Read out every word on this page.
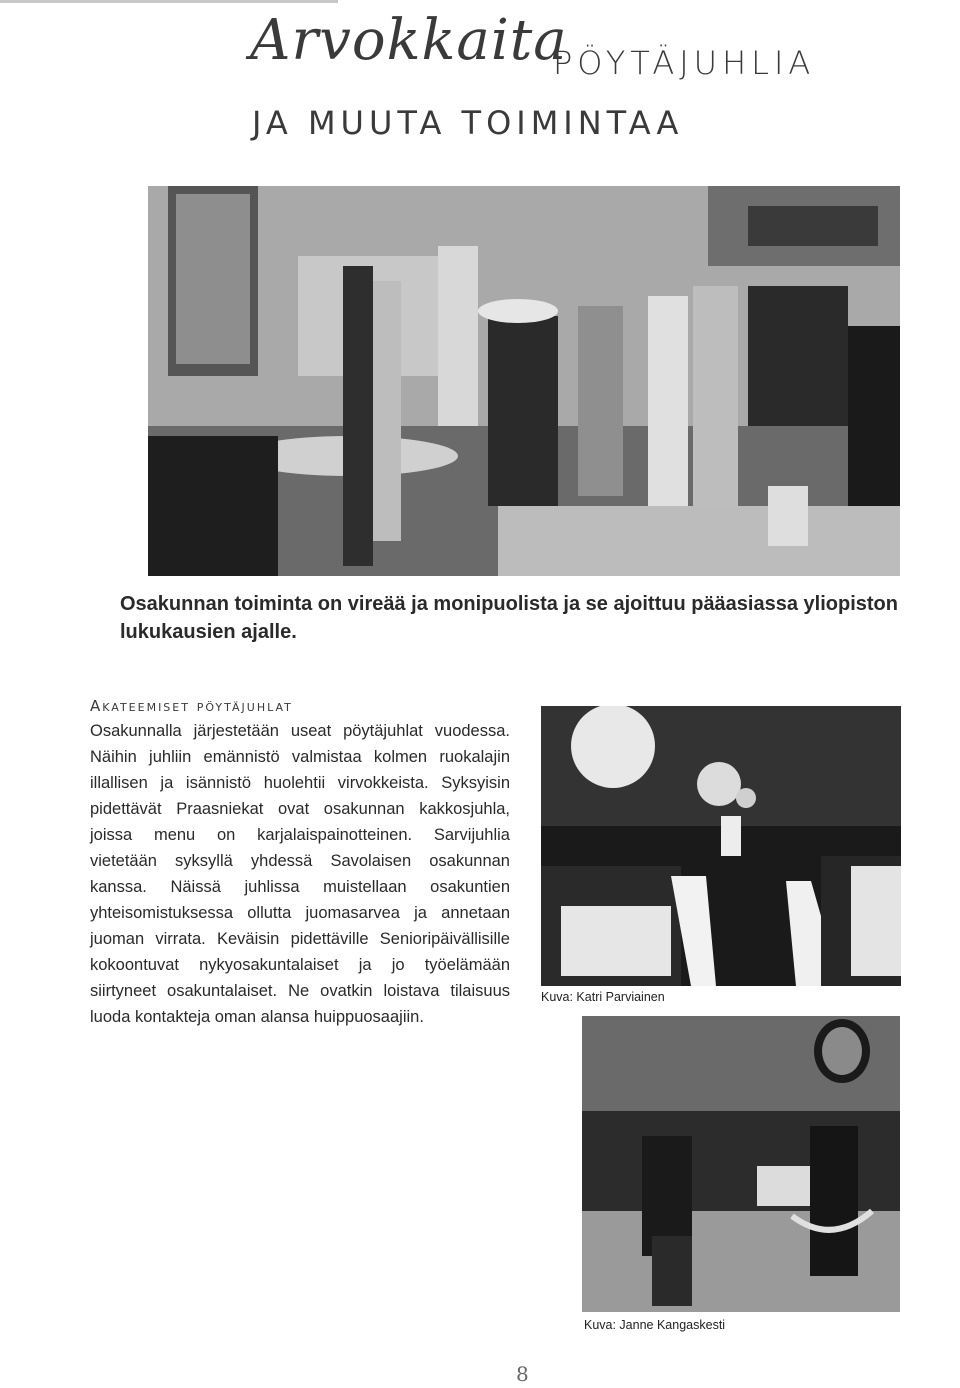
Arvokkaita
PÖYTÄJUHLIA
JA MUUTA TOIMINTAA
Osakunnan toiminta on vireää ja monipuolista ja se ajoittuu pääasiassa yliopiston lukukausien ajalle.
Akateemiset pöytäjuhlat

Osakunnalla järjestetään useat pöytäjuhlat vuodessa. Näihin juhliin emännistö valmistaa kolmen ruokalajin illallisen ja isännistö huolehtii virvokkeista. Syksyisin pidettävät Praasniekat ovat osakunnan kakkosjuhla, joissa menu on karjalaispainotteinen. Sarvijuhlia vietetään syksyllä yhdessä Savolaisen osakunnan kanssa. Näissä juhlissa muistellaan osakuntien yhteisomistuksessa ollutta juomasarvea ja annetaan juoman virrata. Keväisin pidettäville Senioripäivällisille kokoontuvat nykyosakuntalaiset ja jo työelämään siirtyneet osakuntalaiset. Ne ovatkin loistava tilaisuus luoda kontakteja oman alansa huippuosaajiin.

Kuva: Katri Parviainen
Kuva: Janne Kangaskesti
8
